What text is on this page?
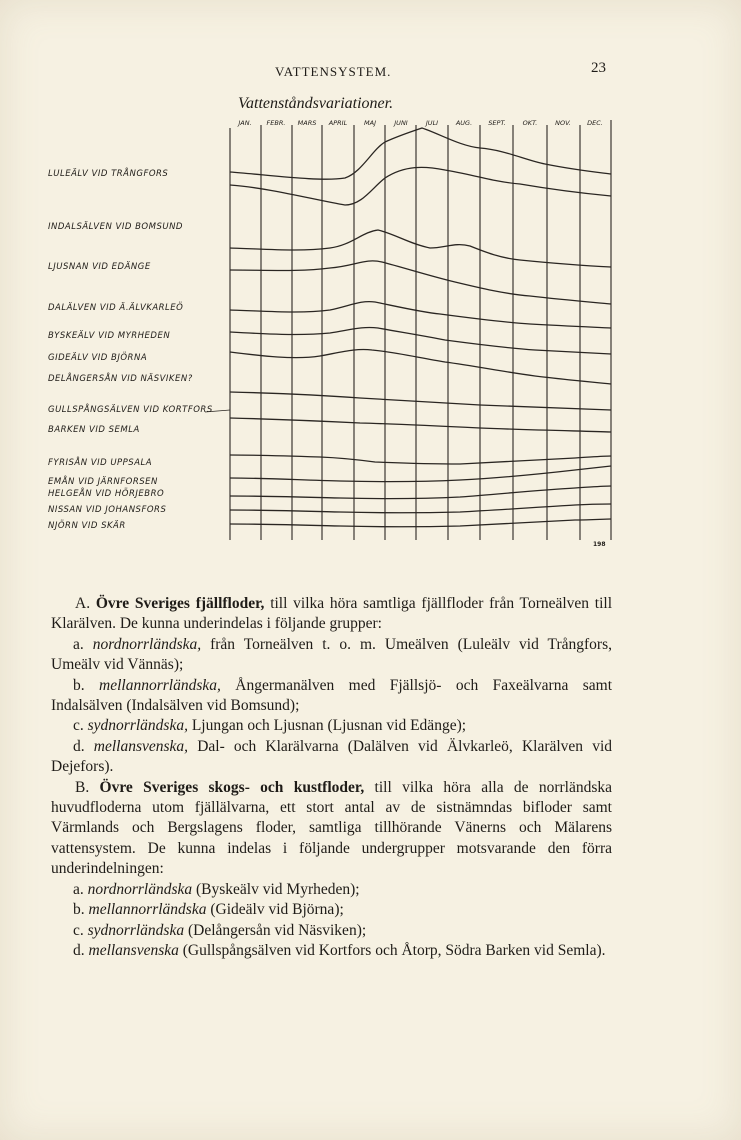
VATTENSYSTEM.	23
Vattenståndsvariationer.
JAN. FEBR. MARS APRIL	MAJ	JUNI	JULI	AUG. SEPT.	OKT.	NOV.	DEC.
LULEÄLV VID TRÅNGFORS
INDALSÄLVEN VID BOMSUND
LJUSNAN VID EDÄNGE
DALÄLVEN VID Ä.ÄLVKARLEÖ
BYSKEÄLV VID MYRHEDEN
GIDEÄLV VID BJÖRNA
DELÅNGERSÅN VID NÄSVIKEN?
GULLSPÅNGSÄLVEN VID KORTFORS
BARKEN VID SEMLA
FYRISÅN VID UPPSALA
EMÅN VID JÄRNFORSEN
HELGEÅN VID HÖRJEBRO
NISSAN VID JOHANSFORS
NJÖRN VID SKÄR
198

A. Övre Sveriges fjällfloder, till vilka höra samtliga fjällfloder från Torneälven till Klarälven. De kunna underindelas i följande grupper:

a. nordnorrländska, från Torneälven t. o. m. Umeälven (Luleälv vid Trångfors, Umeälv vid Vännäs);

b. mellannorrländska, Ångermanälven med Fjällsjö- och Faxeälvarna samt Indalsälven (Indalsälven vid Bomsund);

c. sydnorrländska, Ljungan och Ljusnan (Ljusnan vid Edänge);

d. mellansvenska, Dal- och Klarälvarna (Dalälven vid Älvkarleö, Klarälven vid Dejefors).

B. Övre Sveriges skogs- och kustfloder, till vilka höra alla de norrländska huvudfloderna utom fjällälvarna, ett stort antal av de sistnämndas bifloder samt Värmlands och Bergslagens floder, samtliga tillhörande Vänerns och Mälarens vattensystem. De kunna indelas i följande undergrupper motsvarande den förra underindelningen:

a. nordnorrländska (Byskeälv vid Myrheden);

b. mellannorrländska (Gideälv vid Björna);

c. sydnorrländska (Delångersån vid Näsviken);

d. mellansvenska (Gullspångsälven vid Kortfors och Åtorp, Södra Barken vid Semla).
